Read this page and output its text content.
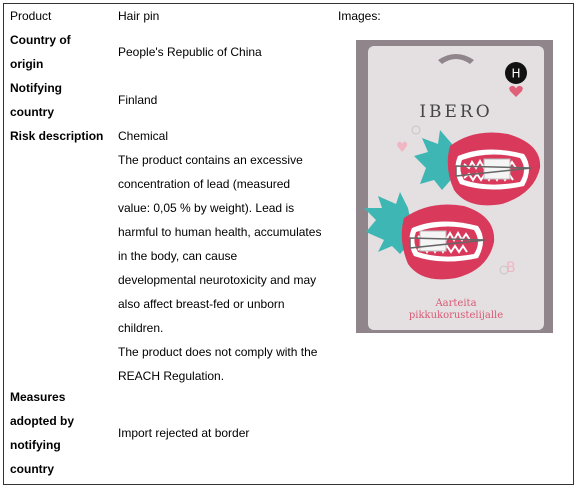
Product	Hair pin	Images:
Country of
origin
People's Republic of China
Notifying
country
Finland
Risk description Chemical
The product contains an excessive
concentration of lead (measured
value: 0,05 % by weight). Lead is
harmful to human health, accumulates
in the body, can cause
developmental neurotoxicity and may
also affect breast-fed or unborn
children.
The product does not comply with the
REACH Regulation.
Measures
adopted by
notifying
country
Import rejected at border
H
IBERO
♥
B
Aarteita
pikkukorustelijalle
